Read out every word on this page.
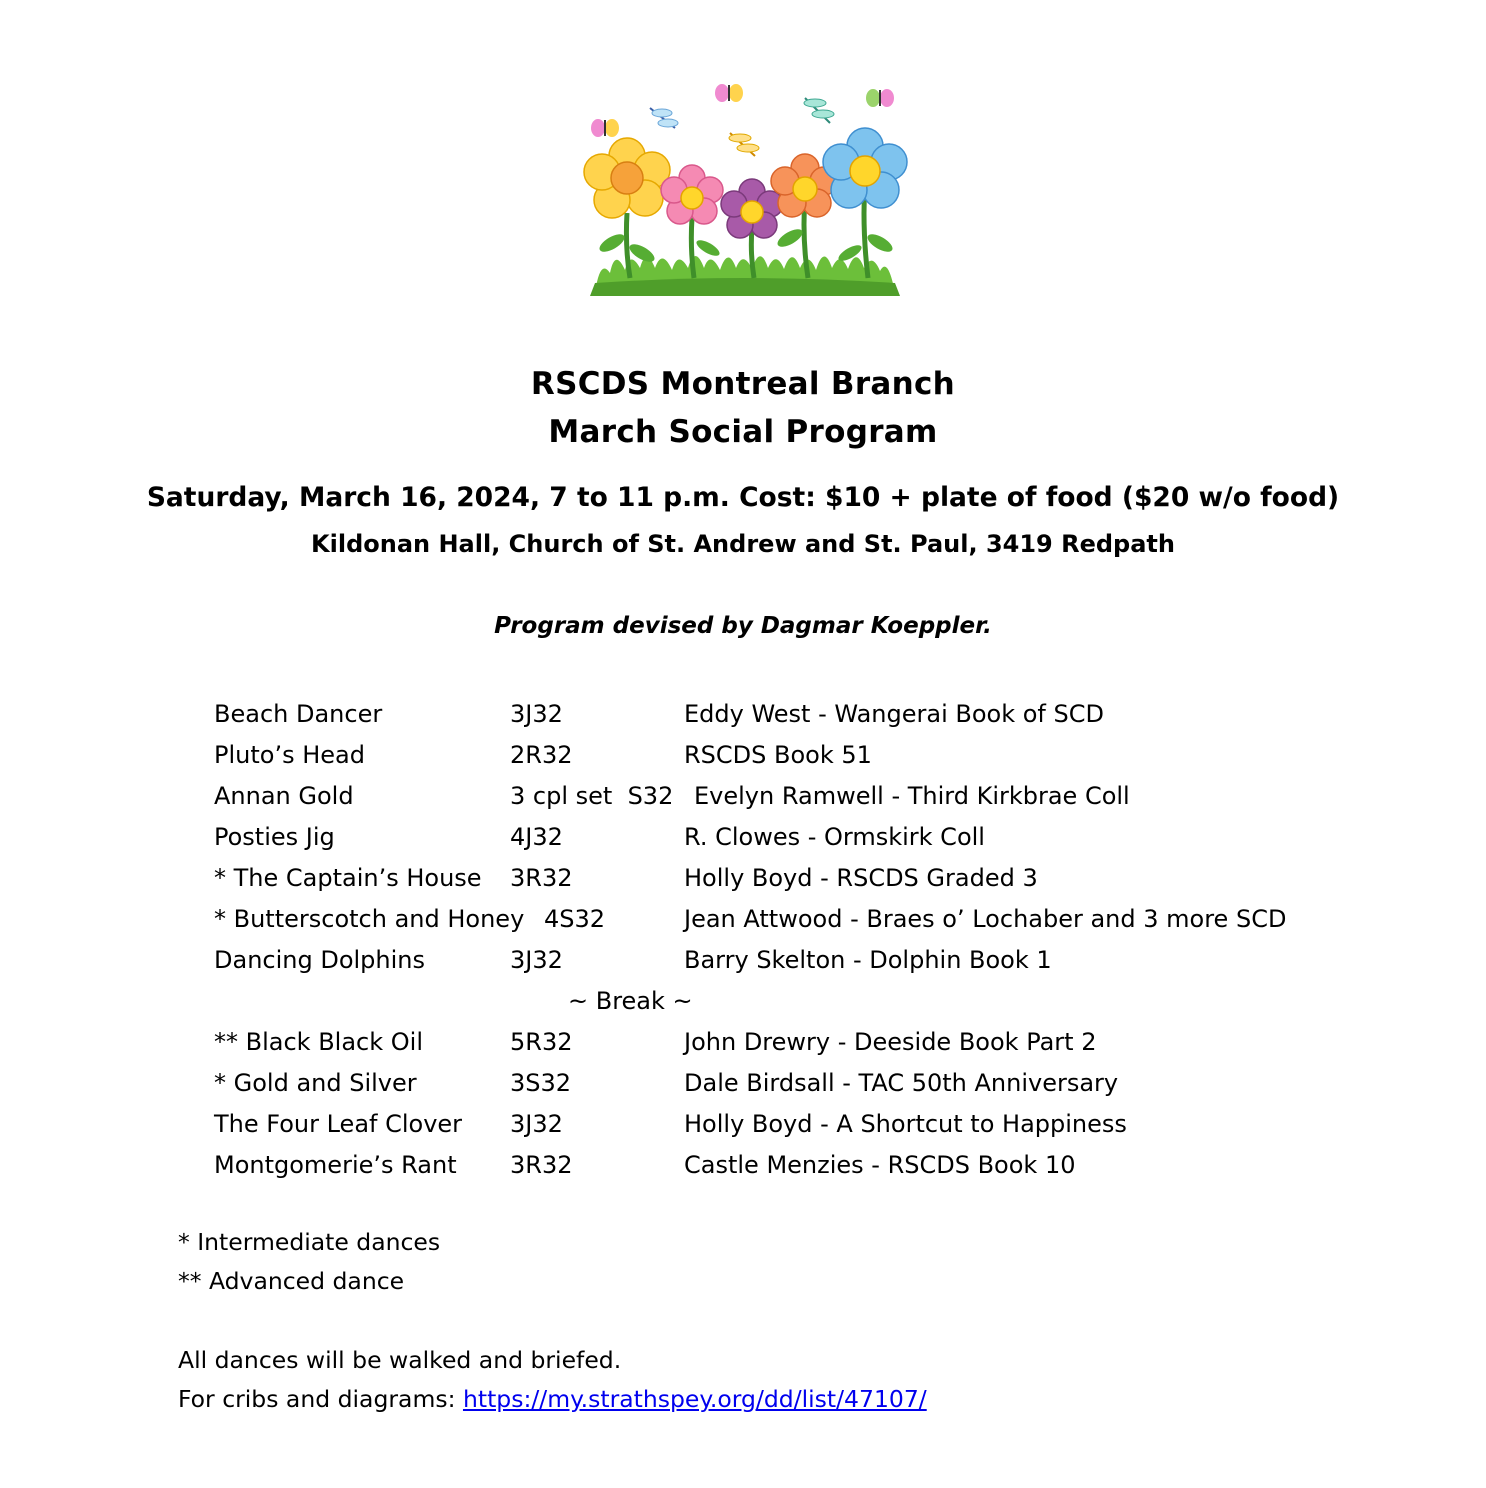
RSCDS Montreal Branch
March Social Program
Saturday, March 16, 2024, 7 to 11 p.m. Cost: $10 + plate of food ($20 w/o food)
Kildonan Hall, Church of St. Andrew and St. Paul, 3419 Redpath
Program devised by Dagmar Koeppler.
Beach Dancer	3J32	Eddy West - Wangerai Book of SCD
Pluto’s Head	2R32	RSCDS Book 51
Annan Gold	3 cpl set  S32 Evelyn Ramwell - Third Kirkbrae Coll
Posties Jig	4J32	R. Clowes - Ormskirk Coll
* The Captain’s House 3R32	Holly Boyd - RSCDS Graded 3
* Butterscotch and Honey 4S32	Jean Attwood - Braes o’ Lochaber and 3 more SCD
Dancing Dolphins	3J32	Barry Skelton - Dolphin Book 1
~ Break ~
** Black Black Oil	5R32	John Drewry - Deeside Book Part 2
* Gold and Silver	3S32	Dale Birdsall - TAC 50th Anniversary
The Four Leaf Clover 3J32	Holly Boyd - A Shortcut to Happiness
Montgomerie’s Rant 3R32	Castle Menzies - RSCDS Book 10
* Intermediate dances
** Advanced dance
All dances will be walked and briefed.
For cribs and diagrams: https://my.strathspey.org/dd/list/47107/
